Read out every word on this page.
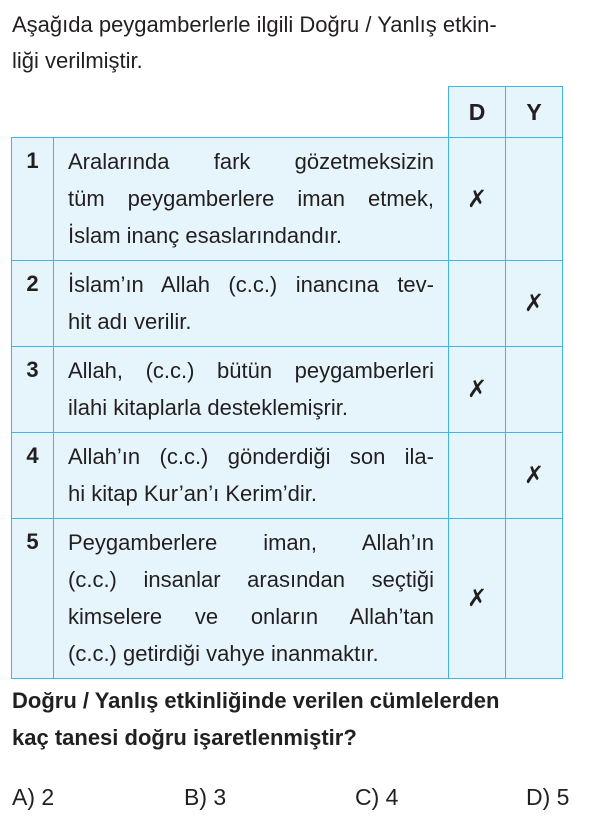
Aşağıda peygamberlerle ilgili Doğru / Yanlış etkin-
liği verilmiştir.

		D	Y
1	Aralarında fark gözetmeksizin
tüm peygamberlere iman etmek,
İslam inanç esaslarındandır.	✗	
2	İslam’ın Allah (c.c.) inancına tev-
hit adı verilir.		✗
3	Allah, (c.c.) bütün peygamberleri
ilahi kitaplarla desteklemişrir.	✗	
4	Allah’ın (c.c.) gönderdiği son ila-
hi kitap Kur’an’ı Kerim’dir.		✗
5	Peygamberlere iman, Allah’ın
(c.c.) insanlar arasından seçtiği
kimselere ve onların Allah’tan
(c.c.) getirdiği vahye inanmaktır.	✗	

Doğru / Yanlış etkinliğinde verilen cümlelerden
kaç tanesi doğru işaretlenmiştir?

A) 2	B) 3	C) 4	D) 5
